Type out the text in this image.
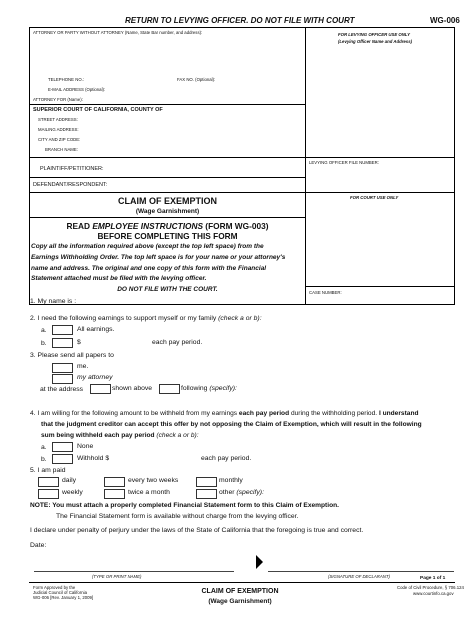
RETURN TO LEVYING OFFICER. DO NOT FILE WITH COURT	WG-006
ATTORNEY OR PARTY WITHOUT ATTORNEY (Name, State Bar number, and address):
TELEPHONE NO.:	FAX NO. (Optional):
E-MAIL ADDRESS (Optional):
ATTORNEY FOR (Name):
SUPERIOR COURT OF CALIFORNIA, COUNTY OF
STREET ADDRESS:
MAILING ADDRESS:
CITY AND ZIP CODE:
BRANCH NAME:
PLAINTIFF/PETITIONER:
DEFENDANT/RESPONDENT:
FOR LEVYING OFFICER USE ONLY
(Levying Officer Name and Address)
LEVYING OFFICER FILE NUMBER:
FOR COURT USE ONLY
CASE NUMBER:
CLAIM OF EXEMPTION
(Wage Garnishment)
READ EMPLOYEE INSTRUCTIONS (FORM WG-003)
BEFORE COMPLETING THIS FORM
Copy all the information required above (except the top left space) from the
Earnings Withholding Order. The top left space is for your name or your attorney's
name and address. The original and one copy of this form with the Financial
Statement attached must be filed with the levying officer.
DO NOT FILE WITH THE COURT.
1. My name is :
2. I need the following earnings to support myself or my family (check a or b):
a.	All earnings.
b.	$	each pay period.
3. Please send all papers to
me.
my attorney
at the address	shown above	following (specify):
4. I am willing for the following amount to be withheld from my earnings each pay period during the withholding period. I understand
that the judgment creditor can accept this offer by not opposing the Claim of Exemption, which will result in the following
sum being withheld each pay period (check a or b):
a.	None
b.	Withhold $	each pay period.
5. I am paid
daily	every two weeks	monthly
weekly	twice a month	other (specify):
NOTE: You must attach a properly completed Financial Statement form to this Claim of Exemption.
The Financial Statement form is available without charge from the levying officer.
I declare under penalty of perjury under the laws of the State of California that the foregoing is true and correct.
Date:
(TYPE OR PRINT NAME)	(SIGNATURE OF DECLARANT)
Form Approved by the
Judicial Council of California
WG-006 [Rev. January 1, 2009]
CLAIM OF EXEMPTION
(Wage Garnishment)
Page 1 of 1
Code of Civil Procedure, § 706.124
www.courtinfo.ca.gov
